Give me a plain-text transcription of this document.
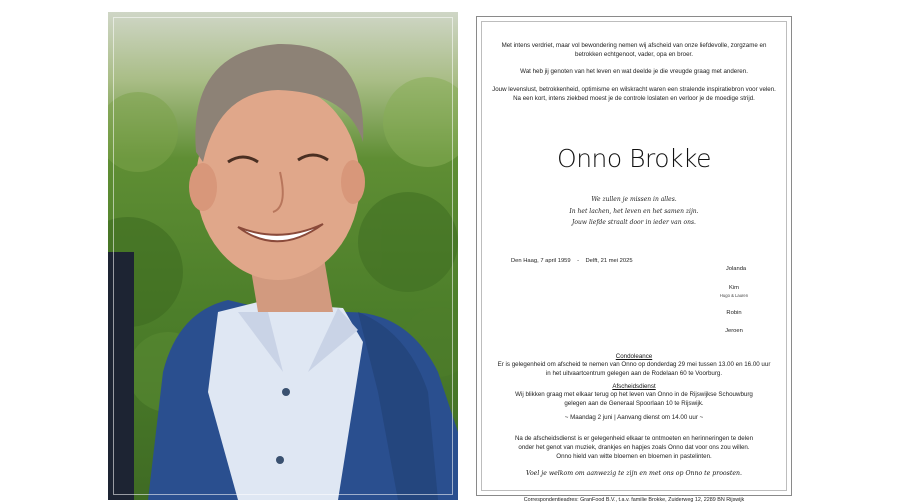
Met intens verdriet, maar vol bewondering nemen wij afscheid van onze liefdevolle, zorgzame en
betrokken echtgenoot, vader, opa en broer.
Wat heb jij genoten van het leven en wat deelde je die vreugde graag met anderen.
Jouw levenslust, betrokkenheid, optimisme en wilskracht waren een stralende inspiratiebron voor velen.
Na een kort, intens ziekbed moest je de controle loslaten en verloor je de moedige strijd.
Onno Brokke
We zullen je missen in alles.
In het lachen, het leven en het samen zijn.
Jouw liefde straalt door in ieder van ons.
Den Haag, 7 april 1959 - Delft, 21 mei 2025
Jolanda
Kim
Hugo & Lauren
Robin
Jeroen
Condoleance
Er is gelegenheid om afscheid te nemen van Onno op donderdag 29 mei tussen 13.00 en 16.00 uur
in het uitvaartcentrum gelegen aan de Rodelaan 60 te Voorburg.
Afscheidsdienst
Wij blikken graag met elkaar terug op het leven van Onno in de Rijswijkse Schouwburg
gelegen aan de Generaal Spoorlaan 10 te Rijswijk.
~ Maandag 2 juni | Aanvang dienst om 14.00 uur ~
Na de afscheidsdienst is er gelegenheid elkaar te ontmoeten en herinneringen te delen
onder het genot van muziek, drankjes en hapjes zoals Onno dat voor ons zou willen.
Onno hield van witte bloemen en bloemen in pastelinten.
Voel je welkom om aanwezig te zijn en met ons op Onno te proosten.
Correspondentieadres: GranFood B.V., t.a.v. familie Brokke, Zuiderweg 12, 2289 BN Rijswijk
